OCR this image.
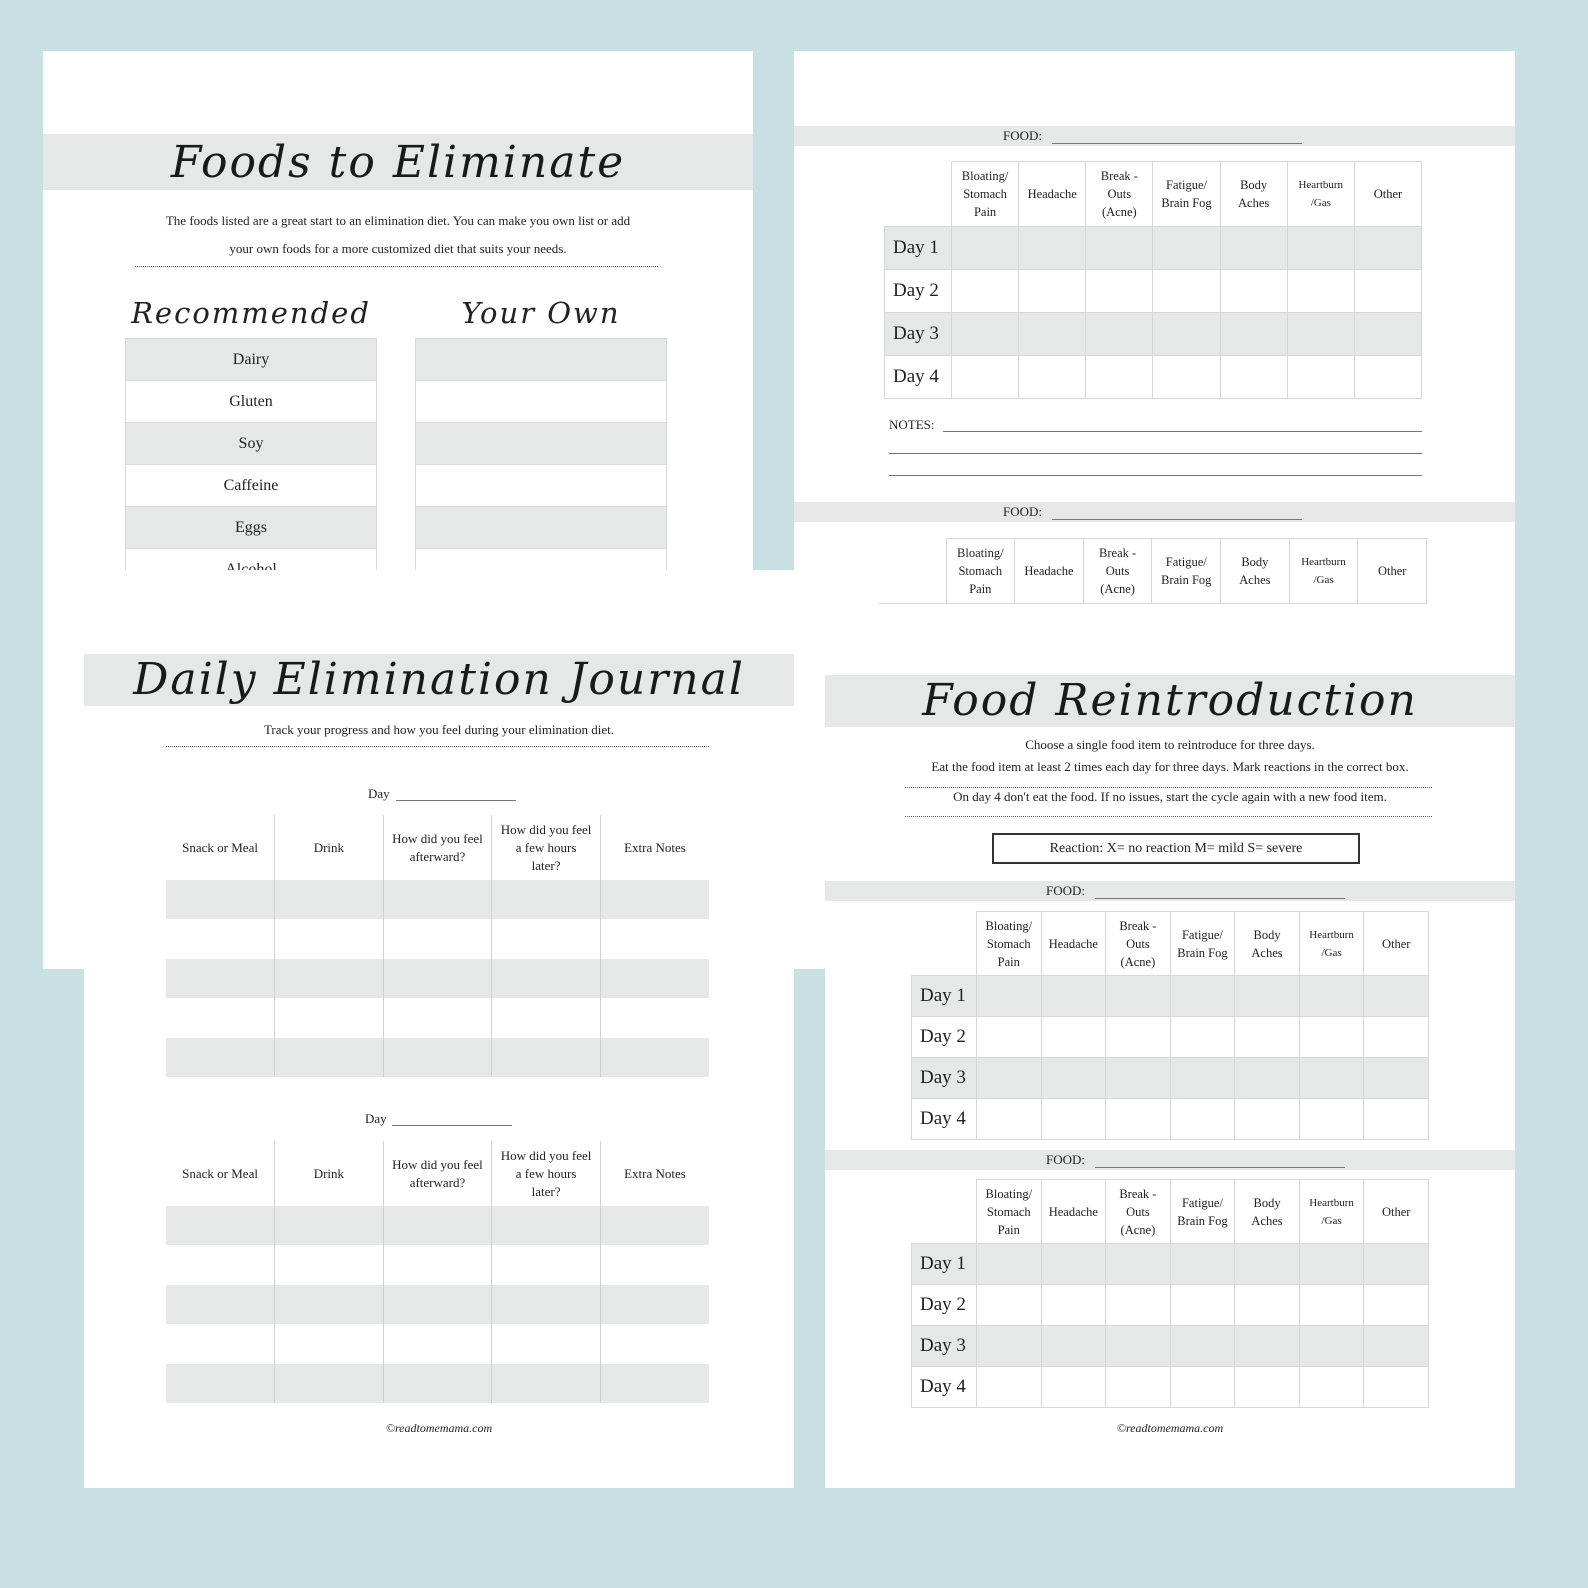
Foods to Eliminate
The foods listed are a great start to an elimination diet. You can make you own list or add
your own foods for a more customized diet that suits your needs.
Recommended	Your Own
Dairy
Gluten
Soy
Caffeine
Eggs
FOOD:
	Bloating/
Stomach
Pain	Headache	Break -
Outs
(Acne)	Fatigue/
Brain Fog	Body
Aches	Heartburn
/Gas	Other
Day 1							
Day 2							
Day 3							
Day 4							
NOTES:
FOOD:
	Bloating/
Stomach
Pain	Headache	Break -
Outs
(Acne)	Fatigue/
Brain Fog	Body
Aches	Heartburn
/Gas	Other
Daily Elimination Journal
Track your progress and how you feel during your elimination diet.
Day
Snack or Meal	Drink	How did you feel
afterward?	How did you feel
a few hours
later?	Extra Notes

Day
Snack or Meal	Drink	How did you feel
afterward?	How did you feel
a few hours
later?	Extra Notes

©readtomemama.com
Food Reintroduction
Choose a single food item to reintroduce for three days.
Eat the food item at least 2 times each day for three days. Mark reactions in the correct box.
On day 4 don't eat the food. If no issues, start the cycle again with a new food item.
Reaction: X= no reaction M= mild S= severe
FOOD:
	Bloating/
Stomach
Pain	Headache	Break -
Outs
(Acne)	Fatigue/
Brain Fog	Body
Aches	Heartburn
/Gas	Other
Day 1							
Day 2							
Day 3							
Day 4							
FOOD:
	Bloating/
Stomach
Pain	Headache	Break -
Outs
(Acne)	Fatigue/
Brain Fog	Body
Aches	Heartburn
/Gas	Other
Day 1							
Day 2							
Day 3							
Day 4							
©readtomemama.com
